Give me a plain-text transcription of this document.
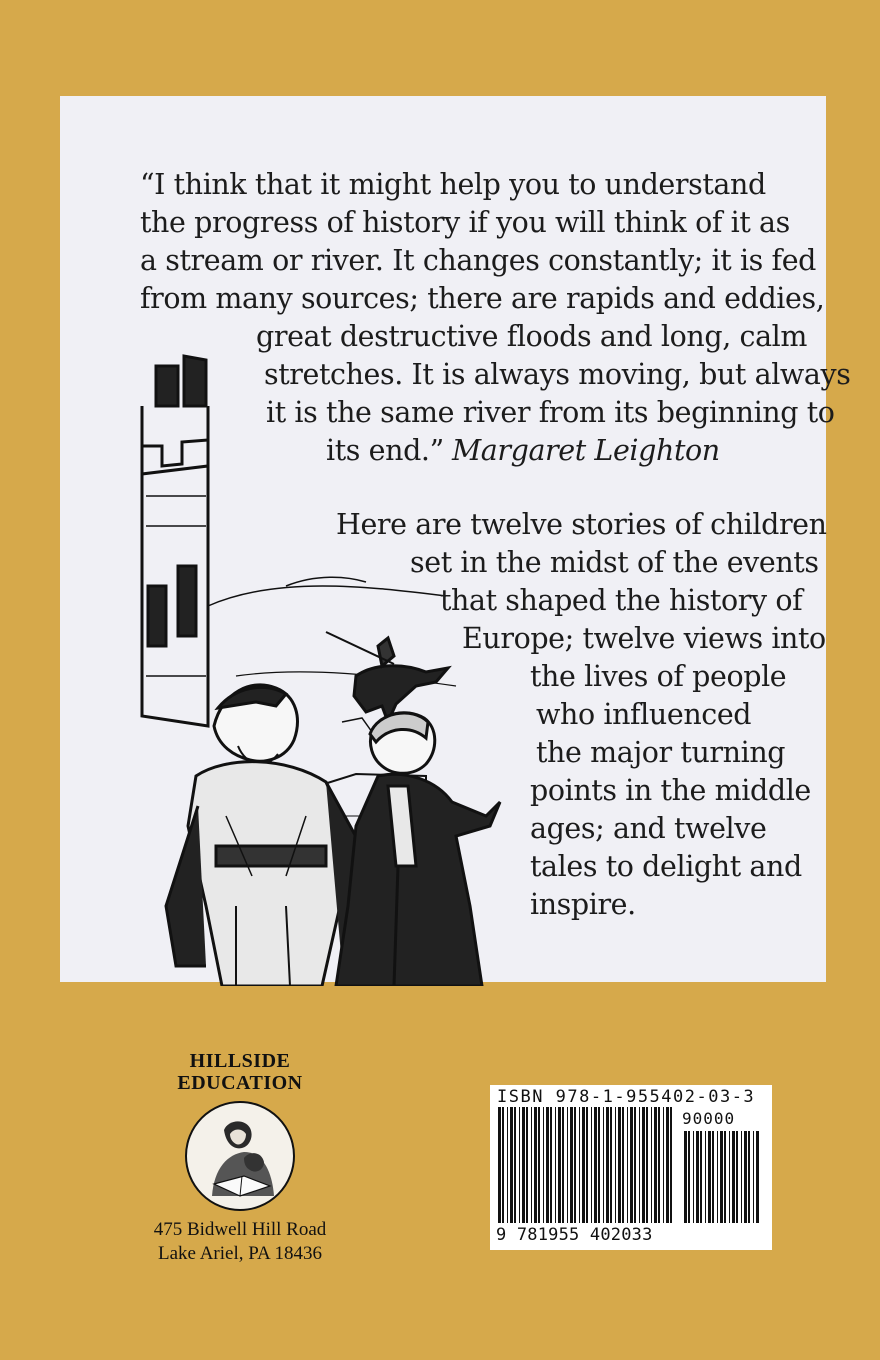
“I think that it might help you to understand
the progress of history if you will think of it as
a stream or river. It changes constantly; it is fed
from many sources; there are rapids and eddies,
great destructive floods and long, calm
stretches. It is always moving, but always
it is the same river from its beginning to
its end.” Margaret Leighton
Here are twelve stories of children
set in the midst of the events
that shaped the history of
Europe; twelve views into
the lives of people
who influenced
the major turning
points in the middle
ages; and twelve
tales to delight and
inspire.
HILLSIDE
EDUCATION
475 Bidwell Hill Road
Lake Ariel, PA 18436
ISBN 978-1-955402-03-3
90000
9 781955 402033
